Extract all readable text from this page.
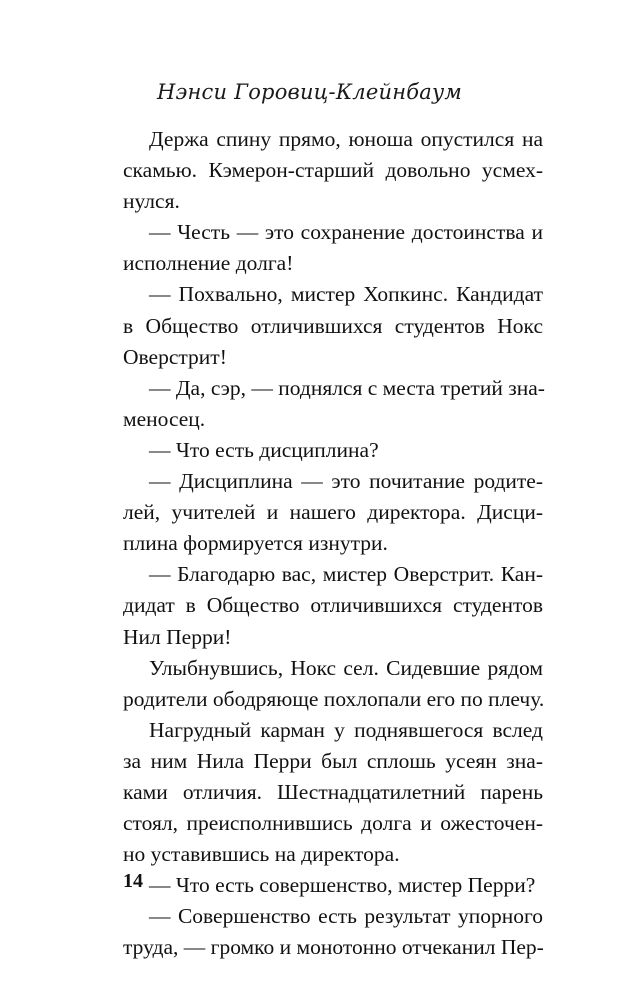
Нэнси Горовиц-Клейнбаум
Держа спину прямо, юноша опустился на
скамью. Кэмерон-старший довольно усмех-
нулся.
— Честь — это сохранение достоинства и
исполнение долга!
— Похвально, мистер Хопкинс. Кандидат
в Общество отличившихся студентов Нокс
Оверстрит!
— Да, сэр, — поднялся с места третий зна-
меносец.
— Что есть дисциплина?
— Дисциплина — это почитание родите-
лей, учителей и нашего директора. Дисци-
плина формируется изнутри.
— Благодарю вас, мистер Оверстрит. Кан-
дидат в Общество отличившихся студентов
Нил Перри!
Улыбнувшись, Нокс сел. Сидевшие рядом
родители ободряюще похлопали его по плечу.
Нагрудный карман у поднявшегося вслед
за ним Нила Перри был сплошь усеян зна-
ками отличия. Шестнадцатилетний парень
стоял, преисполнившись долга и ожесточен-
но уставившись на директора.
— Что есть совершенство, мистер Перри?
— Совершенство есть результат упорного
труда, — громко и монотонно отчеканил Пер-
14
